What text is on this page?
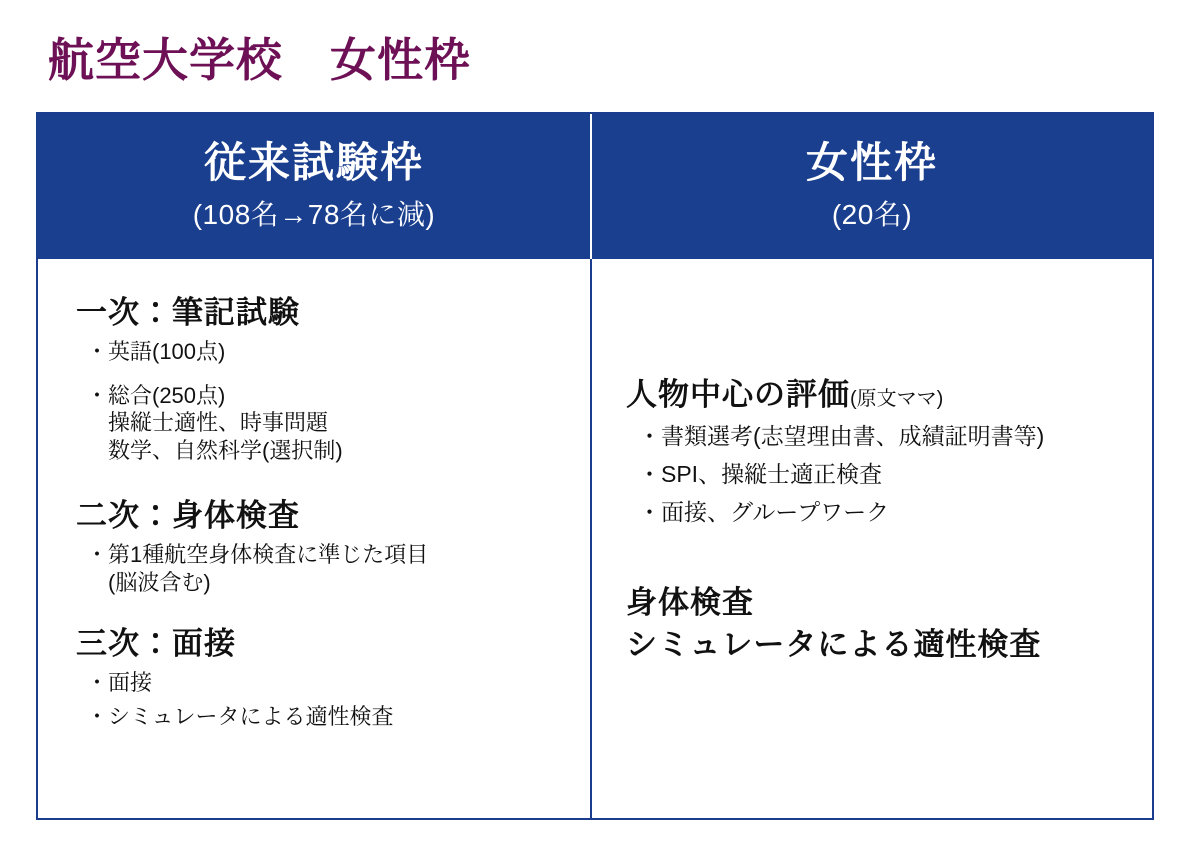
航空大学校　女性枠
従来試験枠
(108名→78名に減)
女性枠
(20名)
一次：筆記試験
・英語(100点)
・総合(250点)
操縦士適性、時事問題
数学、自然科学(選択制)
二次：身体検査
・第1種航空身体検査に準じた項目
(脳波含む)
三次：面接
・面接
・シミュレータによる適性検査
人物中心の評価(原文ママ)
・書類選考(志望理由書、成績証明書等)
・SPI、操縦士適正検査
・面接、グループワーク
身体検査
シミュレータによる適性検査
